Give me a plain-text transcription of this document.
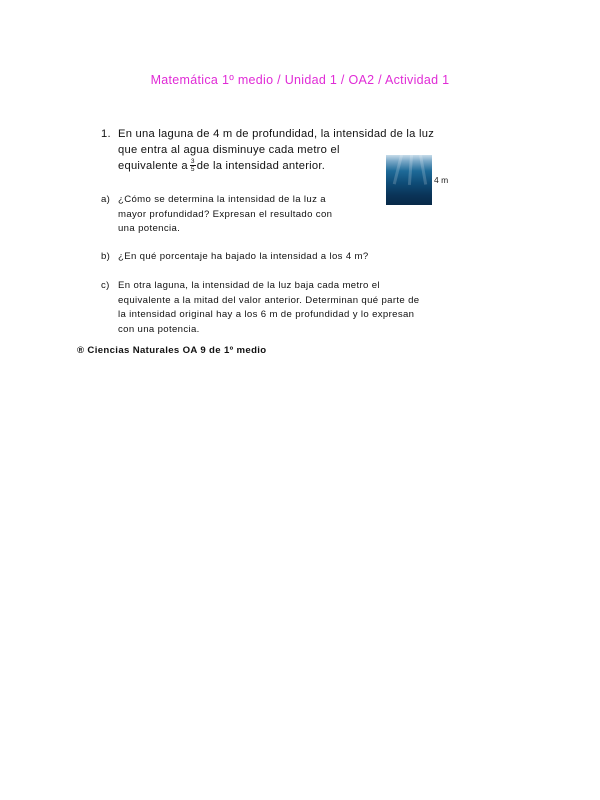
Matemática 1º medio / Unidad 1 / OA2 / Actividad 1
1. En una laguna de 4 m de profundidad, la intensidad de la luz
que entra al agua disminuye cada metro el
equivalente a $\frac{3}{5}$ de la intensidad anterior.
4 m
a) ¿Cómo se determina la intensidad de la luz a
mayor profundidad? Expresan el resultado con
una potencia.
b) ¿En qué porcentaje ha bajado la intensidad a los 4 m?
c) En otra laguna, la intensidad de la luz baja cada metro el
equivalente a la mitad del valor anterior. Determinan qué parte de
la intensidad original hay a los 6 m de profundidad y lo expresan
con una potencia.
® Ciencias Naturales OA 9 de 1º medio
